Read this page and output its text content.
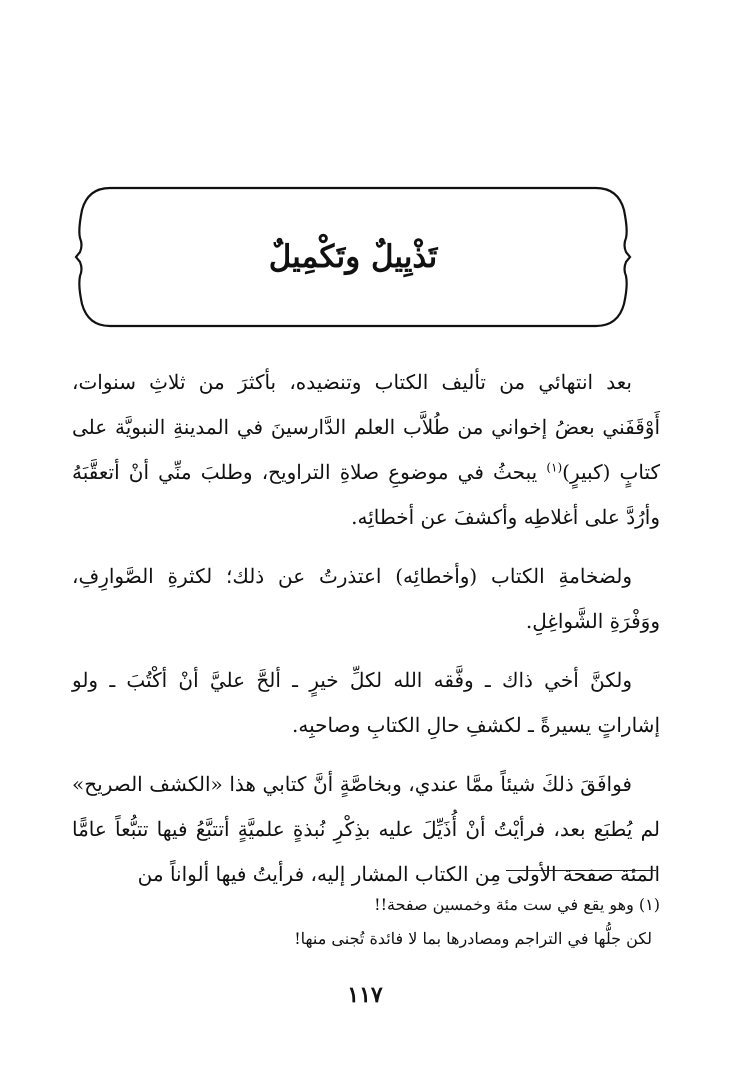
تَذْيِيلٌ وتَكْمِيلٌ

بعد انتهائي من تأليف الكتاب وتنضيده، بأكثرَ من ثلاثِ سنوات، أَوْقَفَني بعضُ إخواني من طُلاَّب العلم الدَّارسينَ في المدينةِ النبويَّة على كتابٍ (كبيرٍ)$^{(١)}$ يبحثُ في موضوعِ صلاةِ التراويح، وطلبَ منِّي أنْ أتعقَّبَهُ وأرُدَّ على أغلاطِه وأكشفَ عن أخطائِه.

ولضخامةِ الكتاب (وأخطائِه) اعتذرتُ عن ذلك؛ لكثرةِ الصَّوارِفِ، ووَفْرَةِ الشَّواغِلِ.

ولكنَّ أخي ذاك ـ وفَّقه الله لكلِّ خيرٍ ـ ألحَّ عليَّ أنْ أكْتُبَ ـ ولو إشاراتٍ يسيرةً ـ لكشفِ حالِ الكتابِ وصاحبِه.

فوافَقَ ذلكَ شيئاً ممَّا عندي، وبخاصَّةٍ أنَّ كتابي هذا «الكشف الصريح» لم يُطبَع بعد، فرأيْتُ أنْ أُذَيِّلَ عليه بذِكْرِ نُبذةٍ علميَّةٍ أتتبَّعُ فيها تتبُّعاً عامًّا المئة صفحة الأولى مِن الكتاب المشار إليه، فرأيتُ فيها ألواناً من

(١) وهو يقع في ست مئة وخمسين صفحة!!

لكن جلُّها في التراجم ومصادرها بما لا فائدة تُجنى منها!

١١٧
